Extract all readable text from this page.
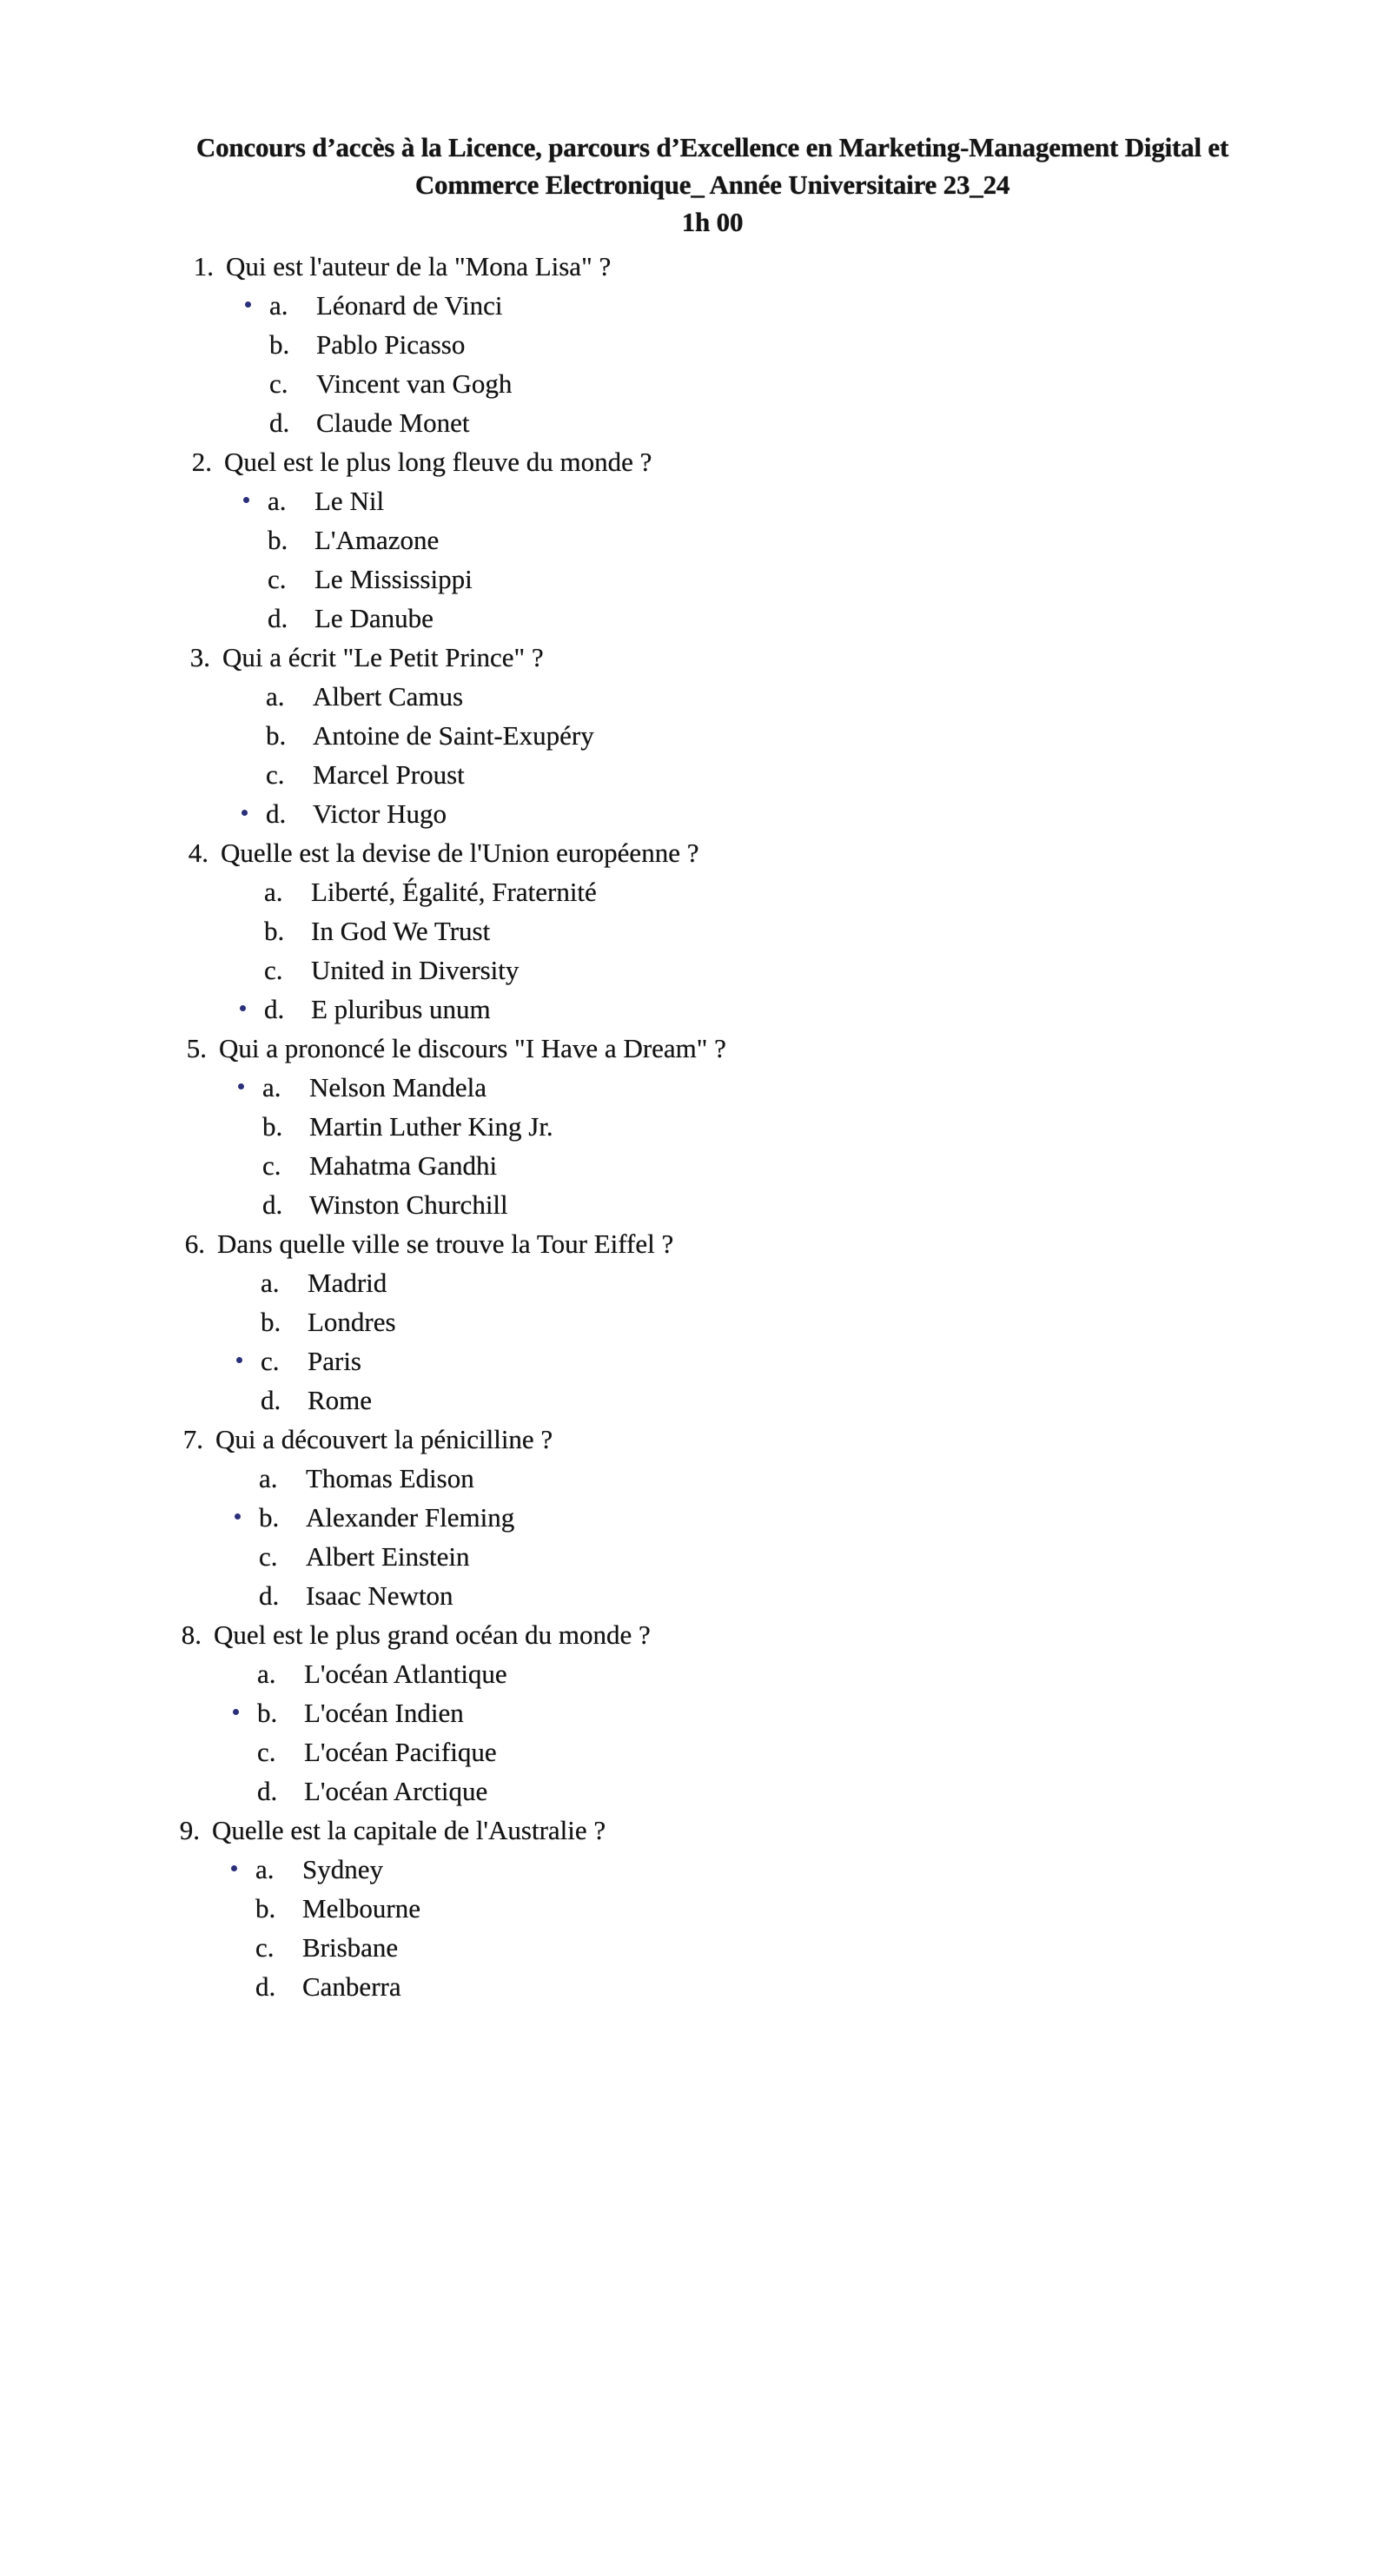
Concours d’accès à la Licence, parcours d’Excellence en Marketing-Management Digital et
Commerce Electronique_ Année Universitaire 23_24
1h 00
1. Qui est l'auteur de la "Mona Lisa" ?
a.	Léonard de Vinci
b. Pablo Picasso
c.	Vincent van Gogh
d. Claude Monet
2. Quel est le plus long fleuve du monde ?
a.	Le Nil
b. L'Amazone
c.	Le Mississippi
d. Le Danube
3. Qui a écrit "Le Petit Prince" ?
a.	Albert Camus
b. Antoine de Saint-Exupéry
c.	Marcel Proust
d. Victor Hugo
4. Quelle est la devise de l'Union européenne ?
a.	Liberté, Égalité, Fraternité
b. In God We Trust
c.	United in Diversity
d. E pluribus unum
5. Qui a prononcé le discours "I Have a Dream" ?
a.	Nelson Mandela
b. Martin Luther King Jr.
c.	Mahatma Gandhi
d. Winston Churchill
6. Dans quelle ville se trouve la Tour Eiffel ?
a.	Madrid
b. Londres
c.	Paris
d. Rome
7. Qui a découvert la pénicilline ?
a.	Thomas Edison
b. Alexander Fleming
c.	Albert Einstein
d. Isaac Newton
8. Quel est le plus grand océan du monde ?
a.	L'océan Atlantique
b. L'océan Indien
c.	L'océan Pacifique
d. L'océan Arctique
9. Quelle est la capitale de l'Australie ?
a.	Sydney
b. Melbourne
c.	Brisbane
d. Canberra
